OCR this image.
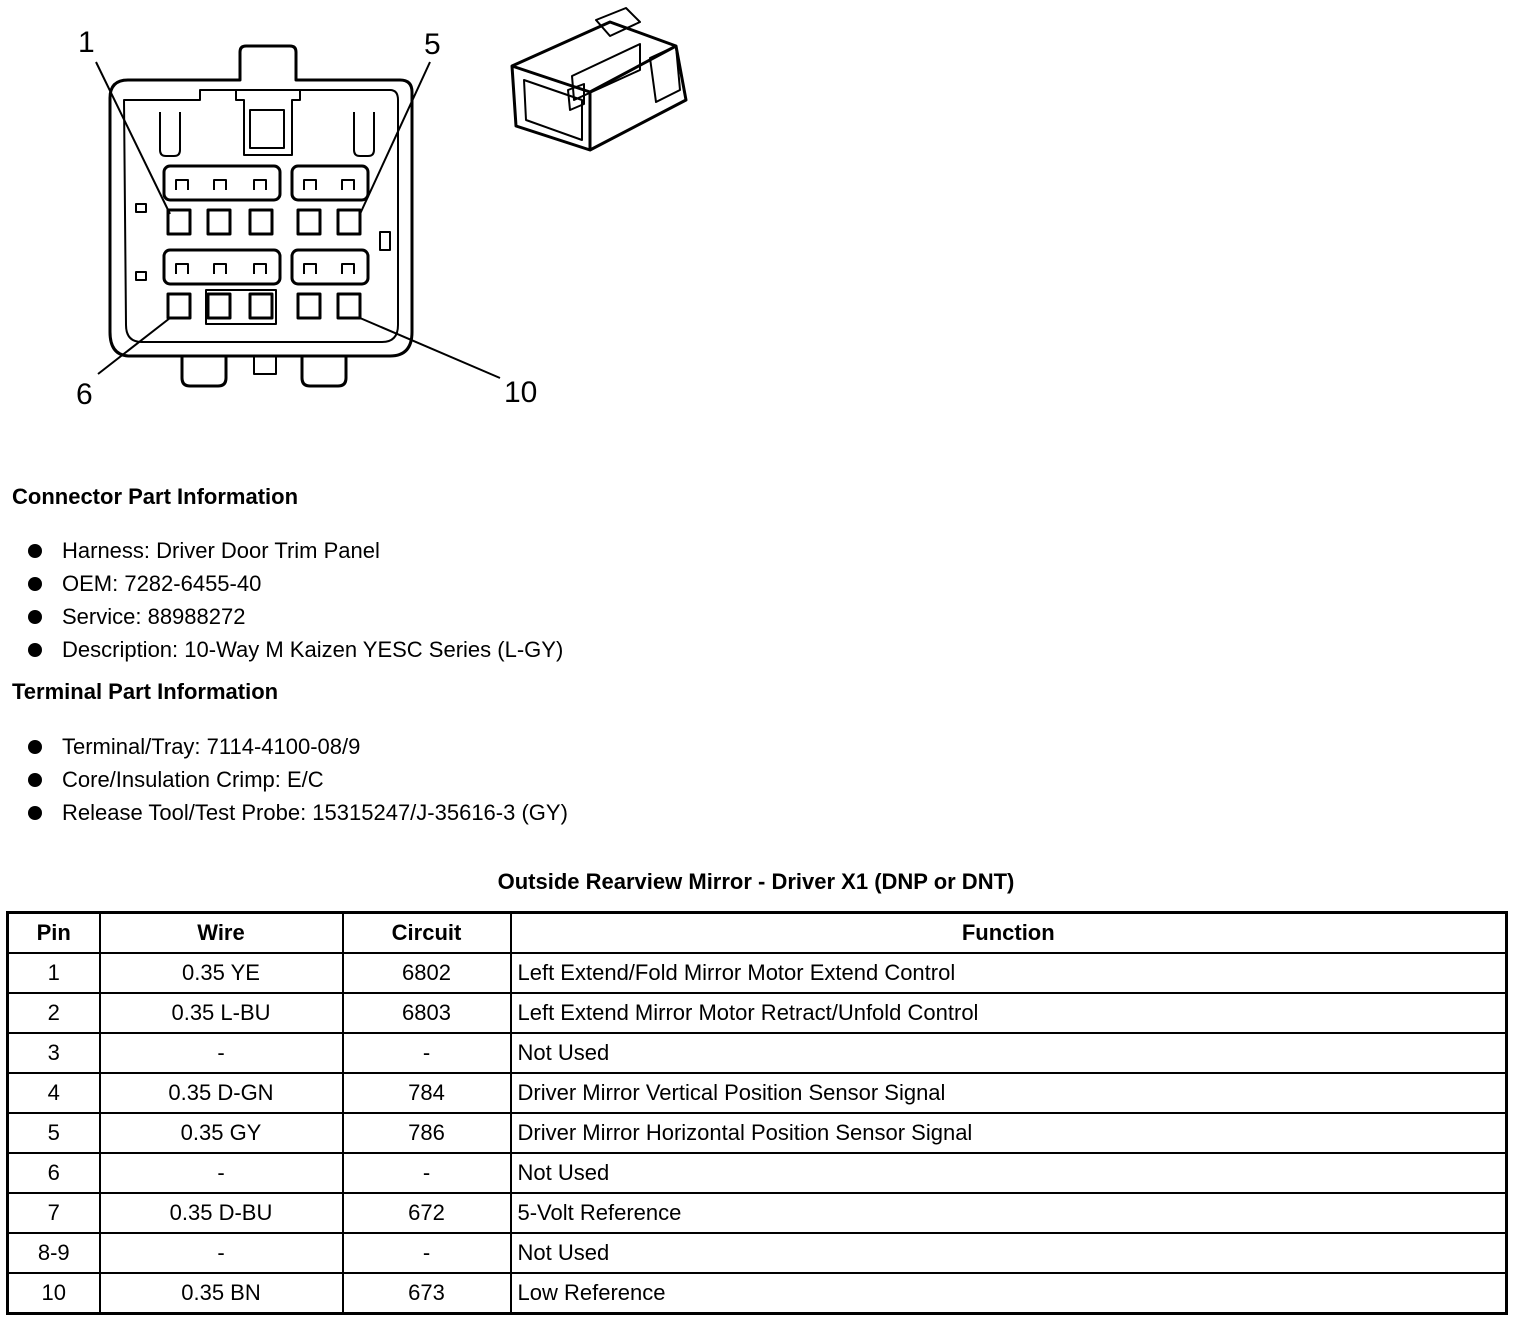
1	5
6	10
Connector Part Information
Harness: Driver Door Trim Panel
OEM: 7282-6455-40
Service: 88988272
Description: 10-Way M Kaizen YESC Series (L-GY)
Terminal Part Information
Terminal/Tray: 7114-4100-08/9
Core/Insulation Crimp: E/C
Release Tool/Test Probe: 15315247/J-35616-3 (GY)
Outside Rearview Mirror - Driver X1 (DNP or DNT)
Pin	Wire	Circuit	Function
1	0.35 YE	6802	Left Extend/Fold Mirror Motor Extend Control
2	0.35 L-BU	6803	Left Extend Mirror Motor Retract/Unfold Control
3	-	-	Not Used
4	0.35 D-GN	784	Driver Mirror Vertical Position Sensor Signal
5	0.35 GY	786	Driver Mirror Horizontal Position Sensor Signal
6	-	-	Not Used
7	0.35 D-BU	672	5-Volt Reference
8-9	-	-	Not Used
10	0.35 BN	673	Low Reference
